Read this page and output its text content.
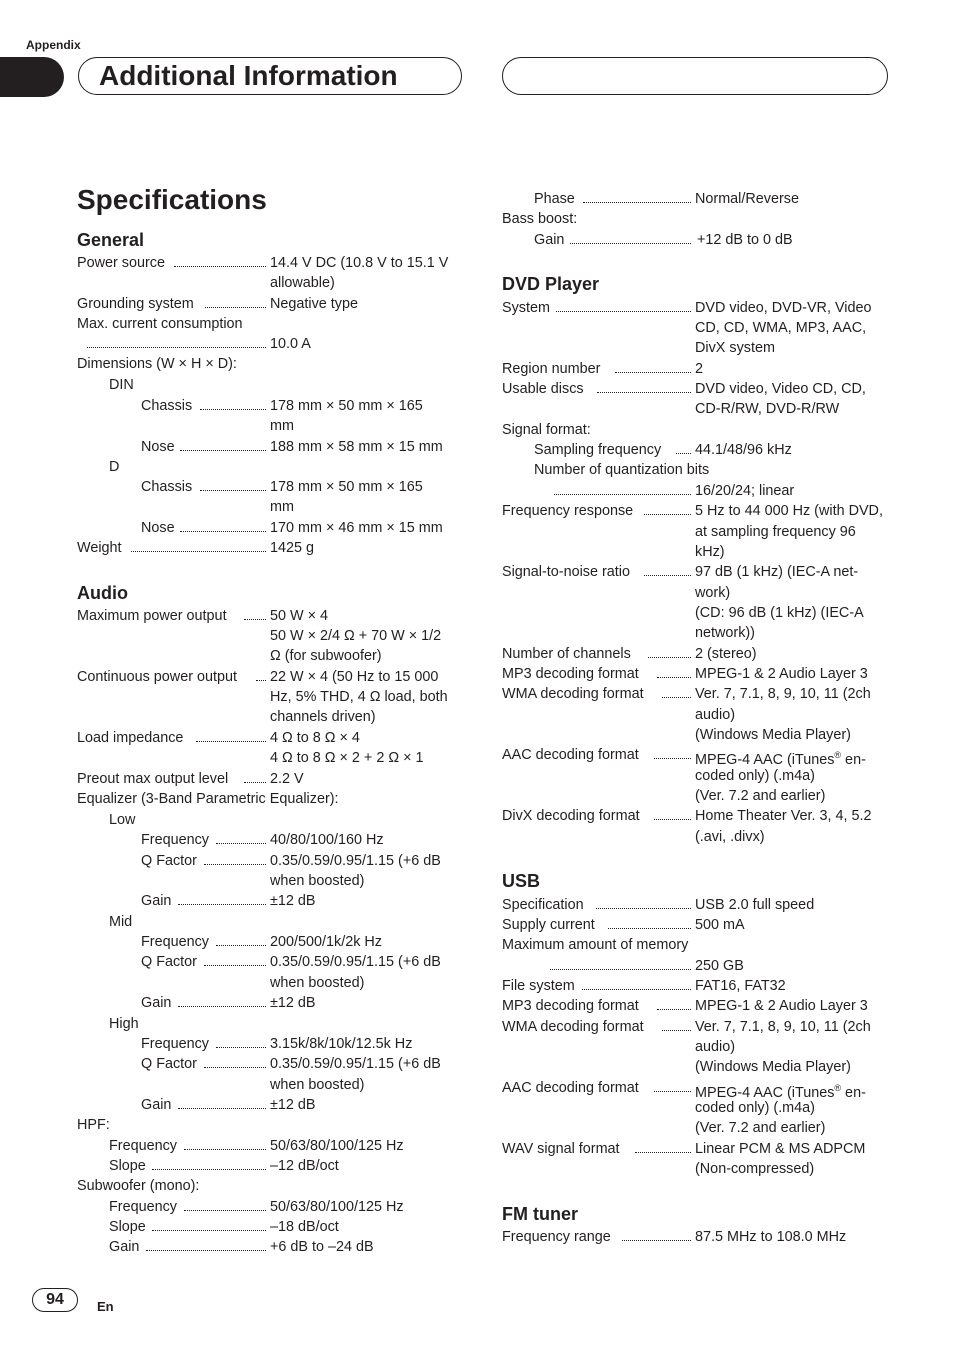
Appendix
Additional Information
Specifications
General
Power source	14.4 V DC (10.8 V to 15.1 V
allowable)
Grounding system	Negative type
Max. current consumption
10.0 A
Dimensions (W × H × D):
DIN
Chassis	178 mm × 50 mm × 165
mm
Nose	188 mm × 58 mm × 15 mm
D
Chassis	178 mm × 50 mm × 165
mm
Nose	170 mm × 46 mm × 15 mm
Weight	1425 g
Audio
Maximum power output	50 W × 4
50 W × 2/4 Ω + 70 W × 1/2
Ω (for subwoofer)
Continuous power output 22 W × 4 (50 Hz to 15 000
Hz, 5% THD, 4 Ω load, both
channels driven)
Load impedance	4 Ω to 8 Ω × 4
4 Ω to 8 Ω × 2 + 2 Ω × 1
Preout max output level	2.2 V
Equalizer (3-Band Parametric Equalizer):
Low
Frequency	40/80/100/160 Hz
Q Factor	0.35/0.59/0.95/1.15 (+6 dB
when boosted)
Gain	±12 dB
Mid
Frequency	200/500/1k/2k Hz
Q Factor	0.35/0.59/0.95/1.15 (+6 dB
when boosted)
Gain	±12 dB
High
Frequency	3.15k/8k/10k/12.5k Hz
Q Factor	0.35/0.59/0.95/1.15 (+6 dB
when boosted)
Gain	±12 dB
HPF:
Frequency	50/63/80/100/125 Hz
Slope	–12 dB/oct
Subwoofer (mono):
Frequency	50/63/80/100/125 Hz
Slope	–18 dB/oct
Gain	+6 dB to –24 dB
Phase	Normal/Reverse
Bass boost:
Gain	+12 dB to 0 dB
DVD Player
System	DVD video, DVD-VR, Video
CD, CD, WMA, MP3, AAC,
DivX system
Region number	2
Usable discs	DVD video, Video CD, CD,
CD-R/RW, DVD-R/RW
Signal format:
Sampling frequency 44.1/48/96 kHz
Number of quantization bits
16/20/24; linear
Frequency response	5 Hz to 44 000 Hz (with DVD,
at sampling frequency 96
kHz)
Signal-to-noise ratio	97 dB (1 kHz) (IEC-A net-
work)
(CD: 96 dB (1 kHz) (IEC-A
network))
Number of channels	2 (stereo)
MP3 decoding format	MPEG-1 & 2 Audio Layer 3
WMA decoding format	Ver. 7, 7.1, 8, 9, 10, 11 (2ch
audio)
(Windows Media Player)
AAC decoding format	MPEG-4 AAC (iTunes® en-
coded only) (.m4a)
(Ver. 7.2 and earlier)
DivX decoding format	Home Theater Ver. 3, 4, 5.2
(.avi, .divx)
USB
Specification	USB 2.0 full speed
Supply current	500 mA
Maximum amount of memory
250 GB
File system	FAT16, FAT32
MP3 decoding format	MPEG-1 & 2 Audio Layer 3
WMA decoding format	Ver. 7, 7.1, 8, 9, 10, 11 (2ch
audio)
(Windows Media Player)
AAC decoding format	MPEG-4 AAC (iTunes® en-
coded only) (.m4a)
(Ver. 7.2 and earlier)
WAV signal format	Linear PCM & MS ADPCM
(Non-compressed)
FM tuner
Frequency range	87.5 MHz to 108.0 MHz
94	En
